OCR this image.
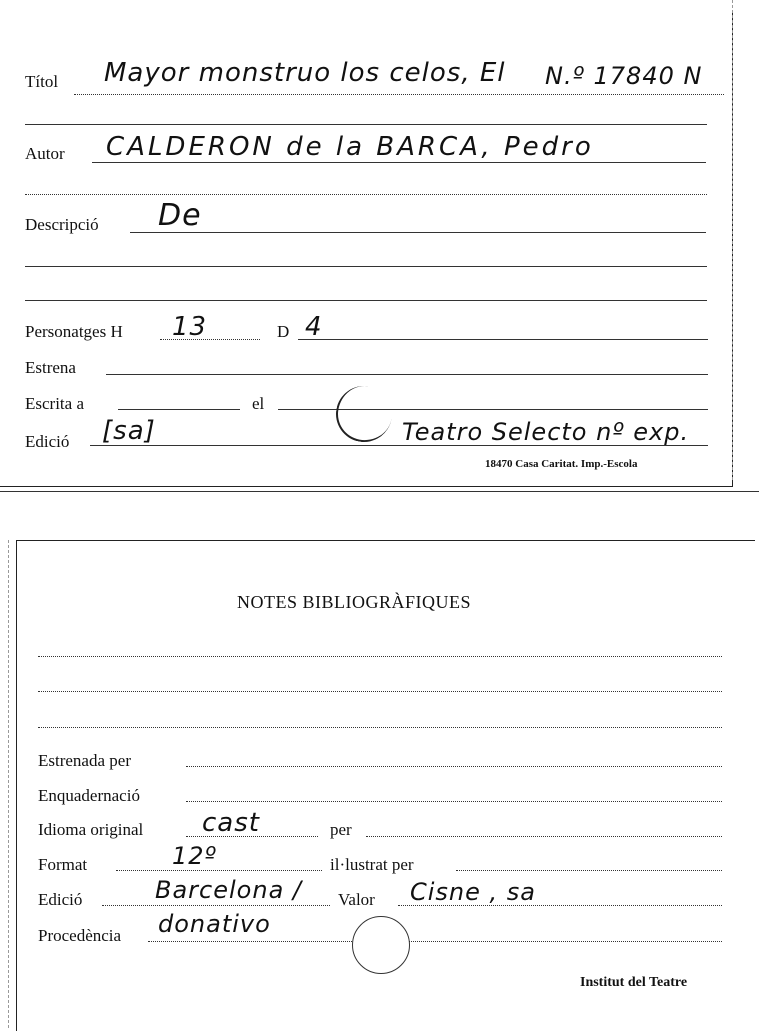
Títol Mayor monstruo los celos, El N.º 17840 N
Autor CALDERON de la BARCA, Pedro
Descripció De
Personatges H 13	D 4
Estrena
Escrita a	el
Edició [sa]	Teatro Selecto nº exp.
18470 Casa Caritat. Imp.-Escola
NOTES BIBLIOGRÀFIQUES
Estrenada per
Enquadernació
Idioma original cast	per
Format	12º	il·lustrat per
Edició	Barcelona / Valor Cisne , sa
Procedència donativo
Institut del Teatre
